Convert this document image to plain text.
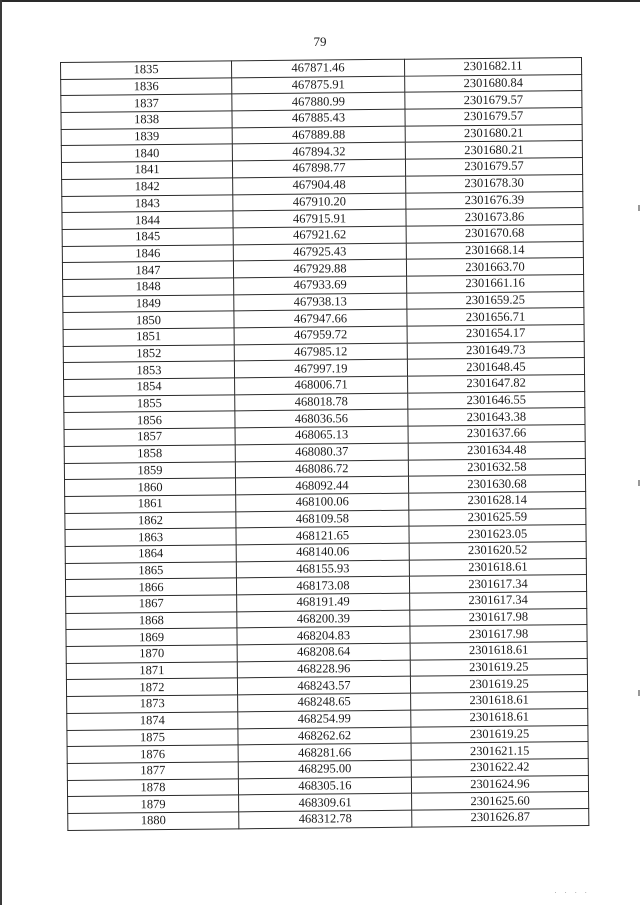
79
1835	467871.46	2301682.11
1836	467875.91	2301680.84
1837	467880.99	2301679.57
1838	467885.43	2301679.57
1839	467889.88	2301680.21
1840	467894.32	2301680.21
1841	467898.77	2301679.57
1842	467904.48	2301678.30
1843	467910.20	2301676.39
1844	467915.91	2301673.86
1845	467921.62	2301670.68
1846	467925.43	2301668.14
1847	467929.88	2301663.70
1848	467933.69	2301661.16
1849	467938.13	2301659.25
1850	467947.66	2301656.71
1851	467959.72	2301654.17
1852	467985.12	2301649.73
1853	467997.19	2301648.45
1854	468006.71	2301647.82
1855	468018.78	2301646.55
1856	468036.56	2301643.38
1857	468065.13	2301637.66
1858	468080.37	2301634.48
1859	468086.72	2301632.58
1860	468092.44	2301630.68
1861	468100.06	2301628.14
1862	468109.58	2301625.59
1863	468121.65	2301623.05
1864	468140.06	2301620.52
1865	468155.93	2301618.61
1866	468173.08	2301617.34
1867	468191.49	2301617.34
1868	468200.39	2301617.98
1869	468204.83	2301617.98
1870	468208.64	2301618.61
1871	468228.96	2301619.25
1872	468243.57	2301619.25
1873	468248.65	2301618.61
1874	468254.99	2301618.61
1875	468262.62	2301619.25
1876	468281.66	2301621.15
1877	468295.00	2301622.42
1878	468305.16	2301624.96
1879	468309.61	2301625.60
1880	468312.78	2301626.87
· · · ·
